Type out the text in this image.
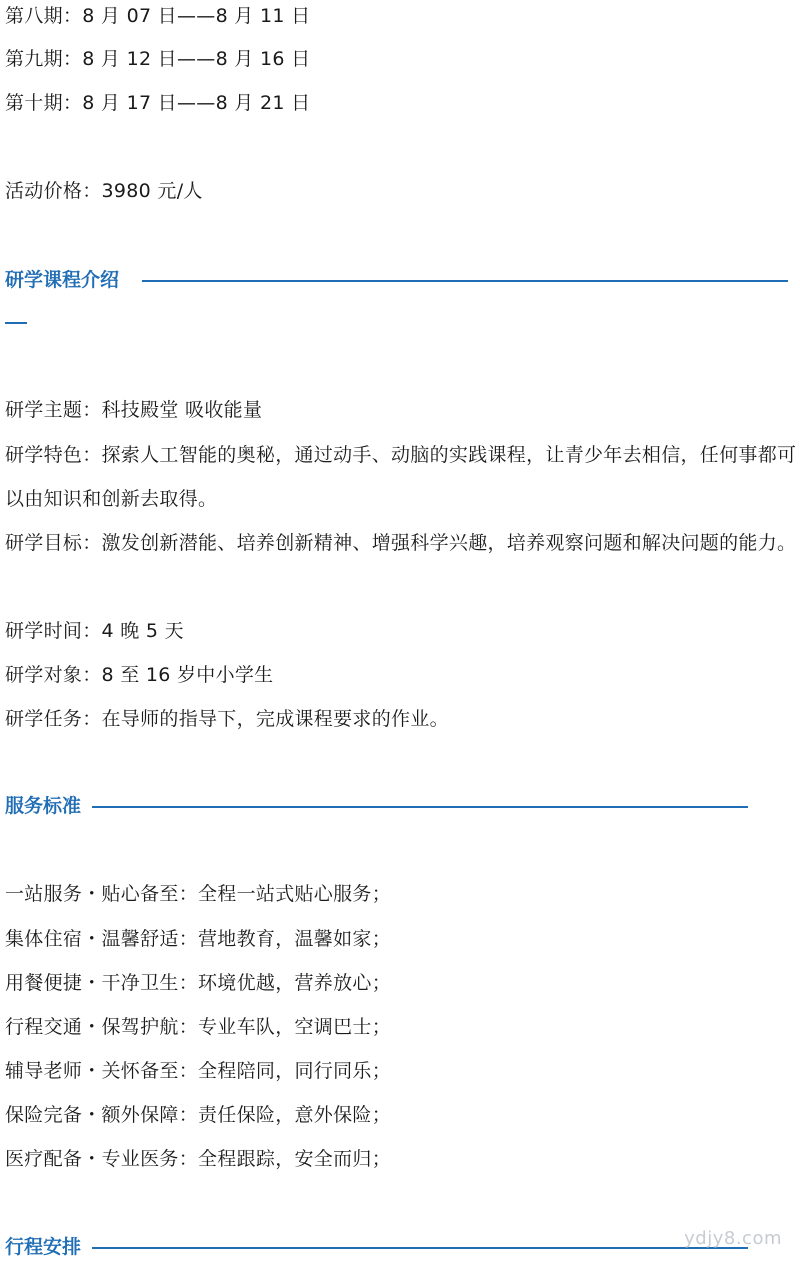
第八期：8 月 07 日——8 月 11 日
第九期：8 月 12 日——8 月 16 日
第十期：8 月 17 日——8 月 21 日
活动价格：3980 元/人
研学课程介绍
研学主题：科技殿堂 吸收能量
研学特色：探索人工智能的奥秘，通过动手、动脑的实践课程，让青少年去相信，任何事都可以由知识和创新去取得。
研学目标：激发创新潜能、培养创新精神、增强科学兴趣，培养观察问题和解决问题的能力。
研学时间：4 晚 5 天
研学对象：8 至 16 岁中小学生
研学任务：在导师的指导下，完成课程要求的作业。
服务标准
一站服务・贴心备至：全程一站式贴心服务；
集体住宿・温馨舒适：营地教育，温馨如家；
用餐便捷・干净卫生：环境优越，营养放心；
行程交通・保驾护航：专业车队，空调巴士；
辅导老师・关怀备至：全程陪同，同行同乐；
保险完备・额外保障：责任保险，意外保险；
医疗配备・专业医务：全程跟踪，安全而归；
行程安排	ydjy8.com
